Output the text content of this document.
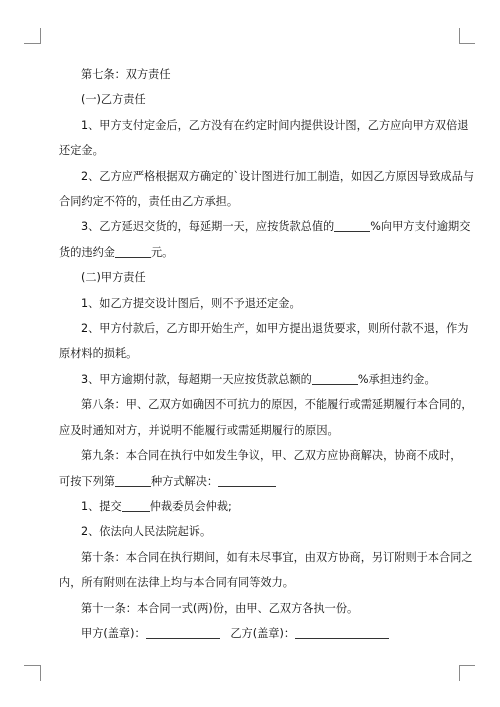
第七条：双方责任

(一)乙方责任

1、甲方支付定金后，乙方没有在约定时间内提供设计图，乙方应向甲方双倍退

还定金。

2、乙方应严格根据双方确定的`设计图进行加工制造，如因乙方原因导致成品与

合同约定不符的，责任由乙方承担。

3、乙方延迟交货的，每延期一天，应按货款总值的	%向甲方支付逾期交

货的违约金	元。

(二)甲方责任

1、如乙方提交设计图后，则不予退还定金。

2、甲方付款后，乙方即开始生产，如甲方提出退货要求，则所付款不退，作为

原材料的损耗。

3、甲方逾期付款，每超期一天应按货款总额的	%承担违约金。

第八条：甲、乙双方如确因不可抗力的原因，不能履行或需延期履行本合同的，

应及时通知对方，并说明不能履行或需延期履行的原因。

第九条：本合同在执行中如发生争议，甲、乙双方应协商解决，协商不成时，

可按下列第	种方式解决：

1、提交	仲裁委员会仲裁;

2、依法向人民法院起诉。

第十条：本合同在执行期间，如有未尽事宜，由双方协商，另订附则于本合同之

内，所有附则在法律上均与本合同有同等效力。

第十一条：本合同一式(两)份，由甲、乙双方各执一份。

甲方(盖章)：	乙方(盖章)：
